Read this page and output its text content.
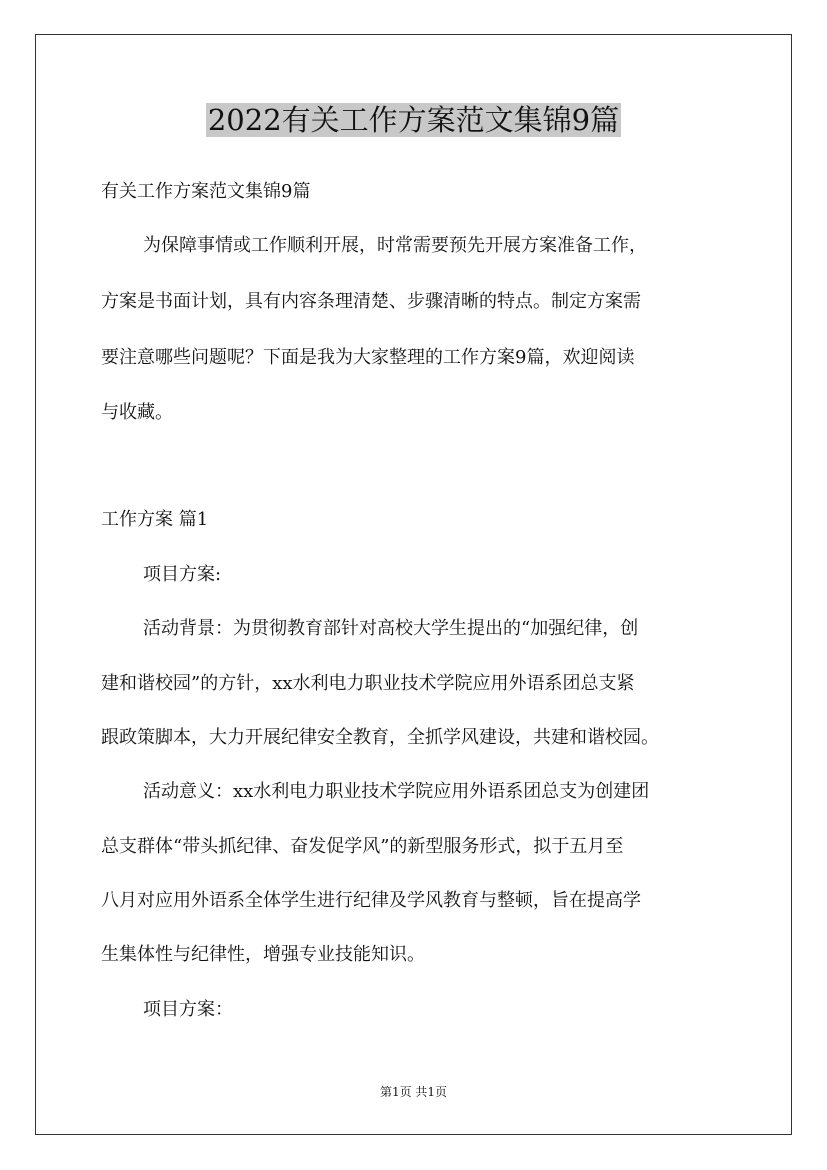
2022有关工作方案范文集锦9篇
有关工作方案范文集锦9篇
为保障事情或工作顺利开展，时常需要预先开展方案准备工作，
方案是书面计划，具有内容条理清楚、步骤清晰的特点。制定方案需
要注意哪些问题呢？下面是我为大家整理的工作方案9篇，欢迎阅读
与收藏。
工作方案 篇1
项目方案:
活动背景：为贯彻教育部针对高校大学生提出的“加强纪律，创
建和谐校园”的方针，xx水利电力职业技术学院应用外语系团总支紧
跟政策脚本，大力开展纪律安全教育，全抓学风建设，共建和谐校园。
活动意义：xx水利电力职业技术学院应用外语系团总支为创建团
总支群体“带头抓纪律、奋发促学风”的新型服务形式，拟于五月至
八月对应用外语系全体学生进行纪律及学风教育与整顿，旨在提高学
生集体性与纪律性，增强专业技能知识。
项目方案：
第1页 共1页
